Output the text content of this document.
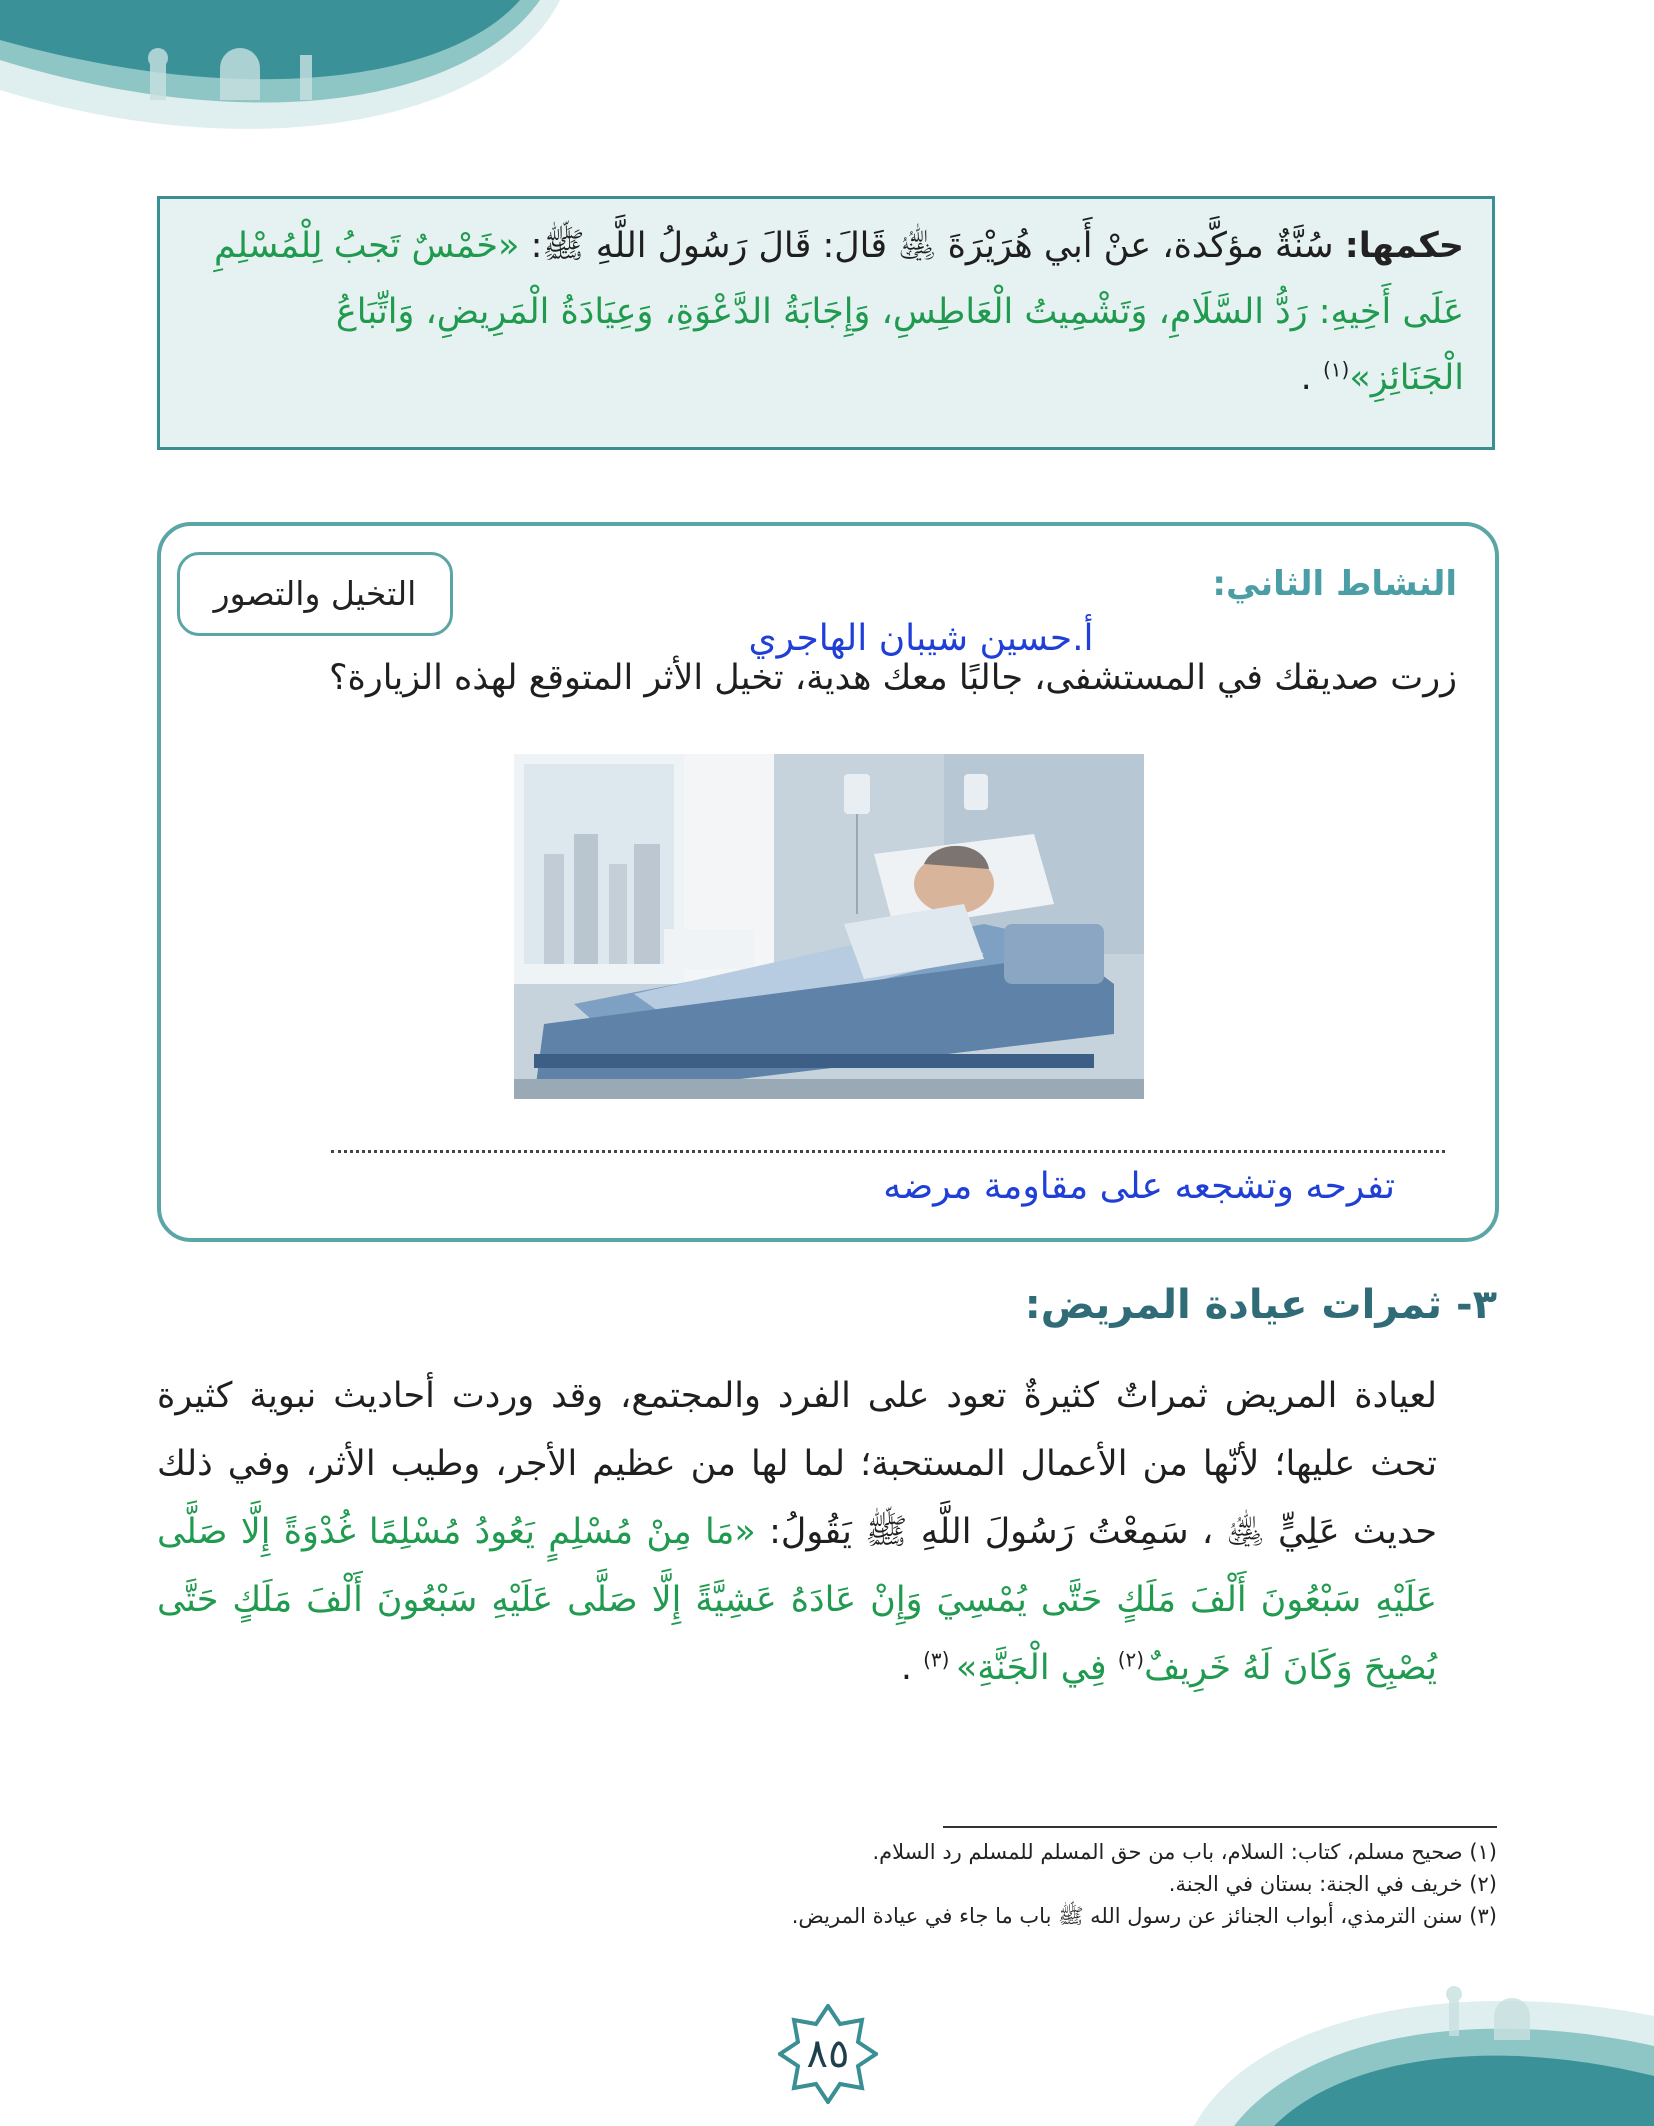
حكمها: سُنَّةٌ مؤكَّدة، عنْ أَبي هُرَيْرَةَ ﵁ قَالَ: قَالَ رَسُولُ اللَّهِ ﷺ: «خَمْسٌ تَجبُ لِلْمُسْلِمِ عَلَى أَخِيهِ: رَدُّ السَّلَامِ، وَتَشْمِيتُ الْعَاطِسِ، وَإِجَابَةُ الدَّعْوَةِ، وَعِيَادَةُ الْمَرِيضِ، وَاتِّبَاعُ الْجَنَائِزِ»$^{(١)}$ .
النشاط الثاني:
التخيل والتصور
أ.حسين شيبان الهاجري
زرت صديقك في المستشفى، جالبًا معك هدية، تخيل الأثر المتوقع لهذه الزيارة؟
تفرحه وتشجعه على مقاومة مرضه
٣- ثمرات عيادة المريض:

لعيادة المريض ثمراتٌ كثيرةٌ تعود على الفرد والمجتمع، وقد وردت أحاديث نبوية كثيرة تحث عليها؛ لأنّها من الأعمال المستحبة؛ لما لها من عظيم الأجر، وطيب الأثر، وفي ذلك حديث عَلِيٍّ ﵁ ، سَمِعْتُ رَسُولَ اللَّهِ ﷺ يَقُولُ: «مَا مِنْ مُسْلِمٍ يَعُودُ مُسْلِمًا غُدْوَةً إِلَّا صَلَّى عَلَيْهِ سَبْعُونَ أَلْفَ مَلَكٍ حَتَّى يُمْسِيَ وَإِنْ عَادَهُ عَشِيَّةً إِلَّا صَلَّى عَلَيْهِ سَبْعُونَ أَلْفَ مَلَكٍ حَتَّى يُصْبِحَ وَكَانَ لَهُ خَرِيفٌ$^{(٢)}$ فِي الْجَنَّةِ» $^{(٣)}$ .

(١) صحيح مسلم، كتاب: السلام، باب من حق المسلم للمسلم رد السلام.
(٢) خريف في الجنة: بستان في الجنة.
(٣) سنن الترمذي، أبواب الجنائز عن رسول الله ﷺ باب ما جاء في عيادة المريض.
٨٥
